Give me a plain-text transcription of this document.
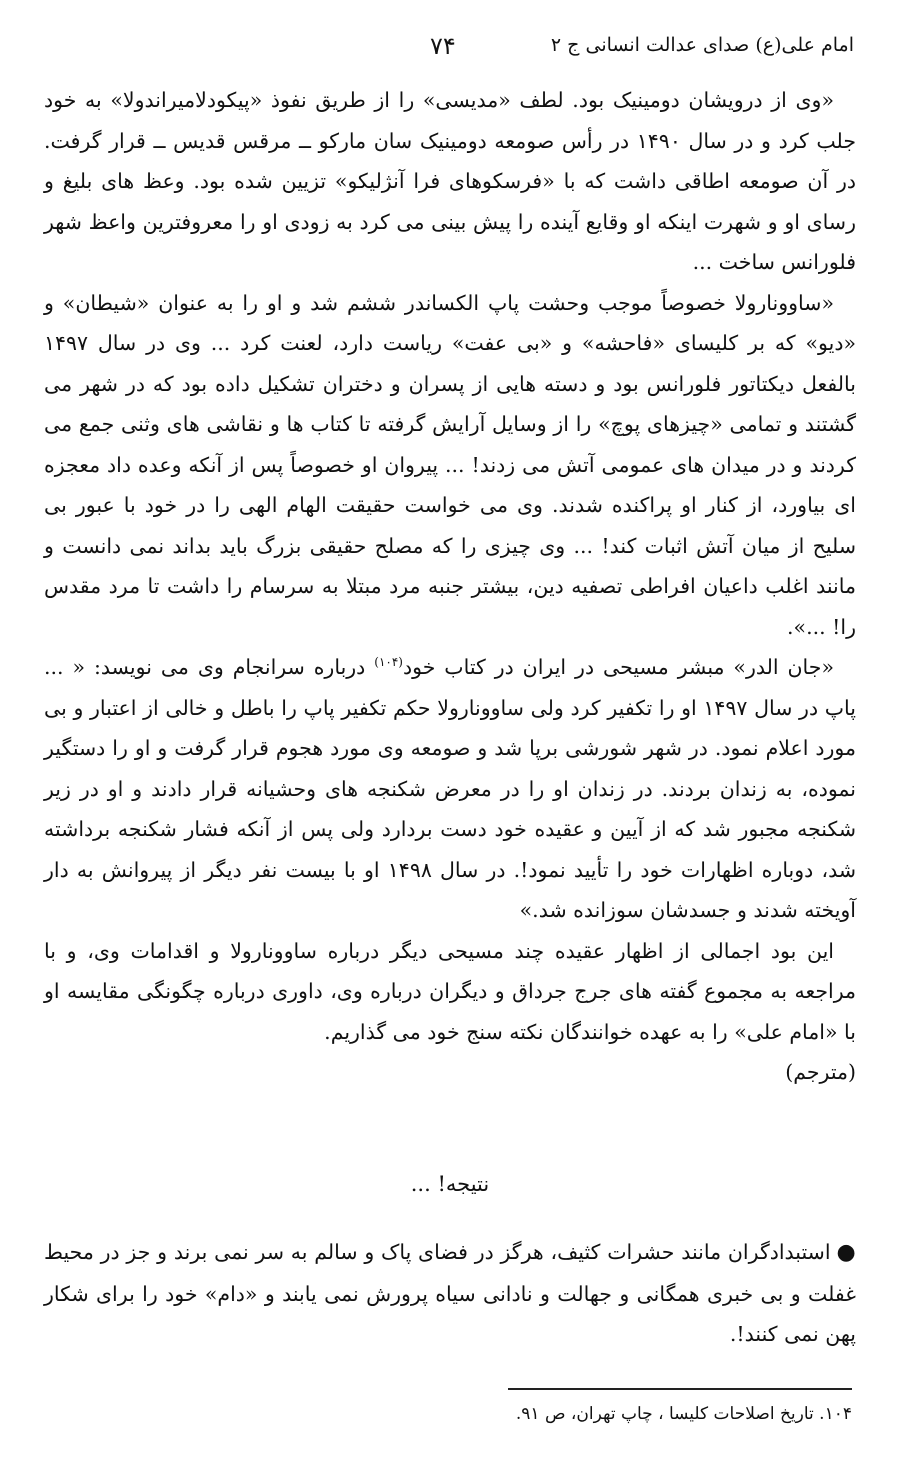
امام علی(ع) صدای عدالت انسانی ج ۲
۷۴

«وی از درویشان دومینیک بود. لطف «مدیسی» را از طریق نفوذ «پیکودلامیراندولا» به خود جلب کرد و در سال ۱۴۹۰ در رأس صومعه دومینیک سان مارکو ــ مرقس قدیس ــ قرار گرفت. در آن صومعه اطاقی داشت که با «فرسکوهای فرا آنژلیکو» تزیین شده بود. وعظ های بلیغ و رسای او و شهرت اینکه او وقایع آینده را پیش بینی می کرد به زودی او را معروفترین واعظ شهر فلورانس ساخت ...

«ساوونارولا خصوصاً موجب وحشت پاپ الکساندر ششم شد و او را به عنوان «شیطان» و «دیو» که بر کلیسای «فاحشه» و «بی عفت» ریاست دارد، لعنت کرد ... وی در سال ۱۴۹۷ بالفعل دیکتاتور فلورانس بود و دسته هایی از پسران و دختران تشکیل داده بود که در شهر می گشتند و تمامی «چیزهای پوچ» را از وسایل آرایش گرفته تا کتاب ها و نقاشی های وثنی جمع می کردند و در میدان های عمومی آتش می زدند! ... پیروان او خصوصاً پس از آنکه وعده داد معجزه ای بیاورد، از کنار او پراکنده شدند. وی می خواست حقیقت الهام الهی را در خود با عبور بی سلیح از میان آتش اثبات کند! ... وی چیزی را که مصلح حقیقی بزرگ باید بداند نمی دانست و مانند اغلب داعیان افراطی تصفیه دین، بیشتر جنبه مرد مبتلا به سرسام را داشت تا مرد مقدس را! ...».

«جان الدر» مبشر مسیحی در ایران در کتاب خود$^{(۱۰۴)}$ درباره سرانجام وی می نویسد: « ... پاپ در سال ۱۴۹۷ او را تکفیر کرد ولی ساوونارولا حکم تکفیر پاپ را باطل و خالی از اعتبار و بی مورد اعلام نمود. در شهر شورشی برپا شد و صومعه وی مورد هجوم قرار گرفت و او را دستگیر نموده، به زندان بردند. در زندان او را در معرض شکنجه های وحشیانه قرار دادند و او در زیر شکنجه مجبور شد که از آیین و عقیده خود دست بردارد ولی پس از آنکه فشار شکنجه برداشته شد، دوباره اظهارات خود را تأیید نمود!. در سال ۱۴۹۸ او با بیست نفر دیگر از پیروانش به دار آویخته شدند و جسدشان سوزانده شد.»

این بود اجمالی از اظهار عقیده چند مسیحی دیگر درباره ساوونارولا و اقدامات وی، و با مراجعه به مجموع گفته های جرج جرداق و دیگران درباره وی، داوری درباره چگونگی مقایسه او با «امام علی» را به عهده خوانندگان نکته سنج خود می گذاریم.

(مترجم)

نتیجه! ...
●استبدادگران مانند حشرات کثیف، هرگز در فضای پاک و سالم به سر نمی برند و جز در محیط غفلت و بی خبری همگانی و جهالت و نادانی سیاه پرورش نمی یابند و «دام» خود را برای شکار پهن نمی کنند!.
۱۰۴. تاریخ اصلاحات کلیسا ، چاپ تهران، ص ۹۱.
